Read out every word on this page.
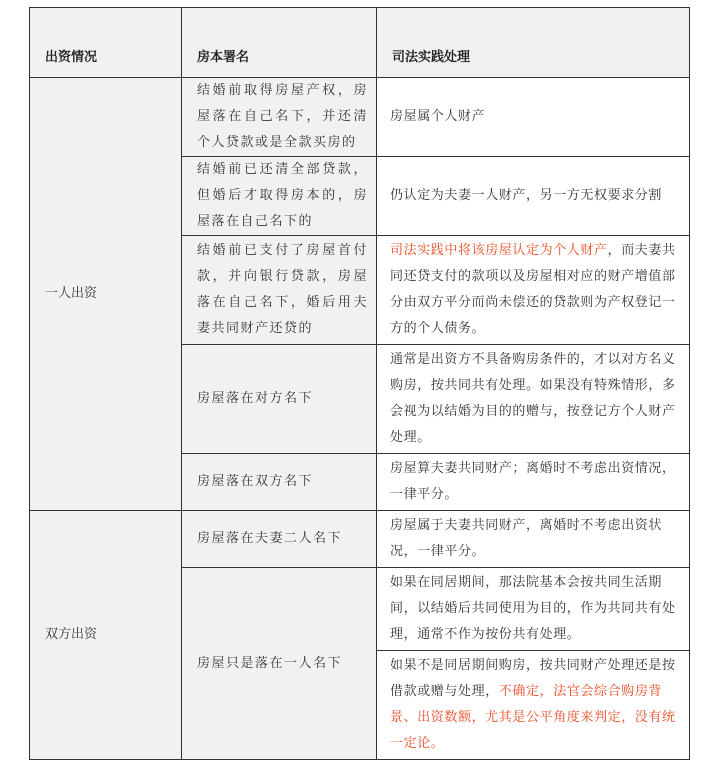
出资情况	房本署名	司法实践处理

一人出资	结婚前取得房屋产权，房屋落在自己名下，并还清个人贷款或是全款买房的	房屋属个人财产

	结婚前已还清全部贷款，但婚后才取得房本的，房屋落在自己名下的	仍认定为夫妻一人财产，另一方无权要求分割

	结婚前已支付了房屋首付款，并向银行贷款，房屋落在自己名下，婚后用夫妻共同财产还贷的	司法实践中将该房屋认定为个人财产，而夫妻共同还贷支付的款项以及房屋相对应的财产增值部分由双方平分而尚未偿还的贷款则为产权登记一方的个人债务。

	房屋落在对方名下	通常是出资方不具备购房条件的，才以对方名义购房，按共同共有处理。如果没有特殊情形，多会视为以结婚为目的的赠与，按登记方个人财产处理。

	房屋落在双方名下	房屋算夫妻共同财产；离婚时不考虑出资情况，一律平分。

双方出资	房屋落在夫妻二人名下	房屋属于夫妻共同财产，离婚时不考虑出资状况，一律平分。

	房屋只是落在一人名下	如果在同居期间，那法院基本会按共同生活期间，以结婚后共同使用为目的，作为共同共有处理，通常不作为按份共有处理。

		如果不是同居期间购房，按共同财产处理还是按借款或赠与处理，不确定，法官会综合购房背景、出资数额，尤其是公平角度来判定，没有统一定论。
